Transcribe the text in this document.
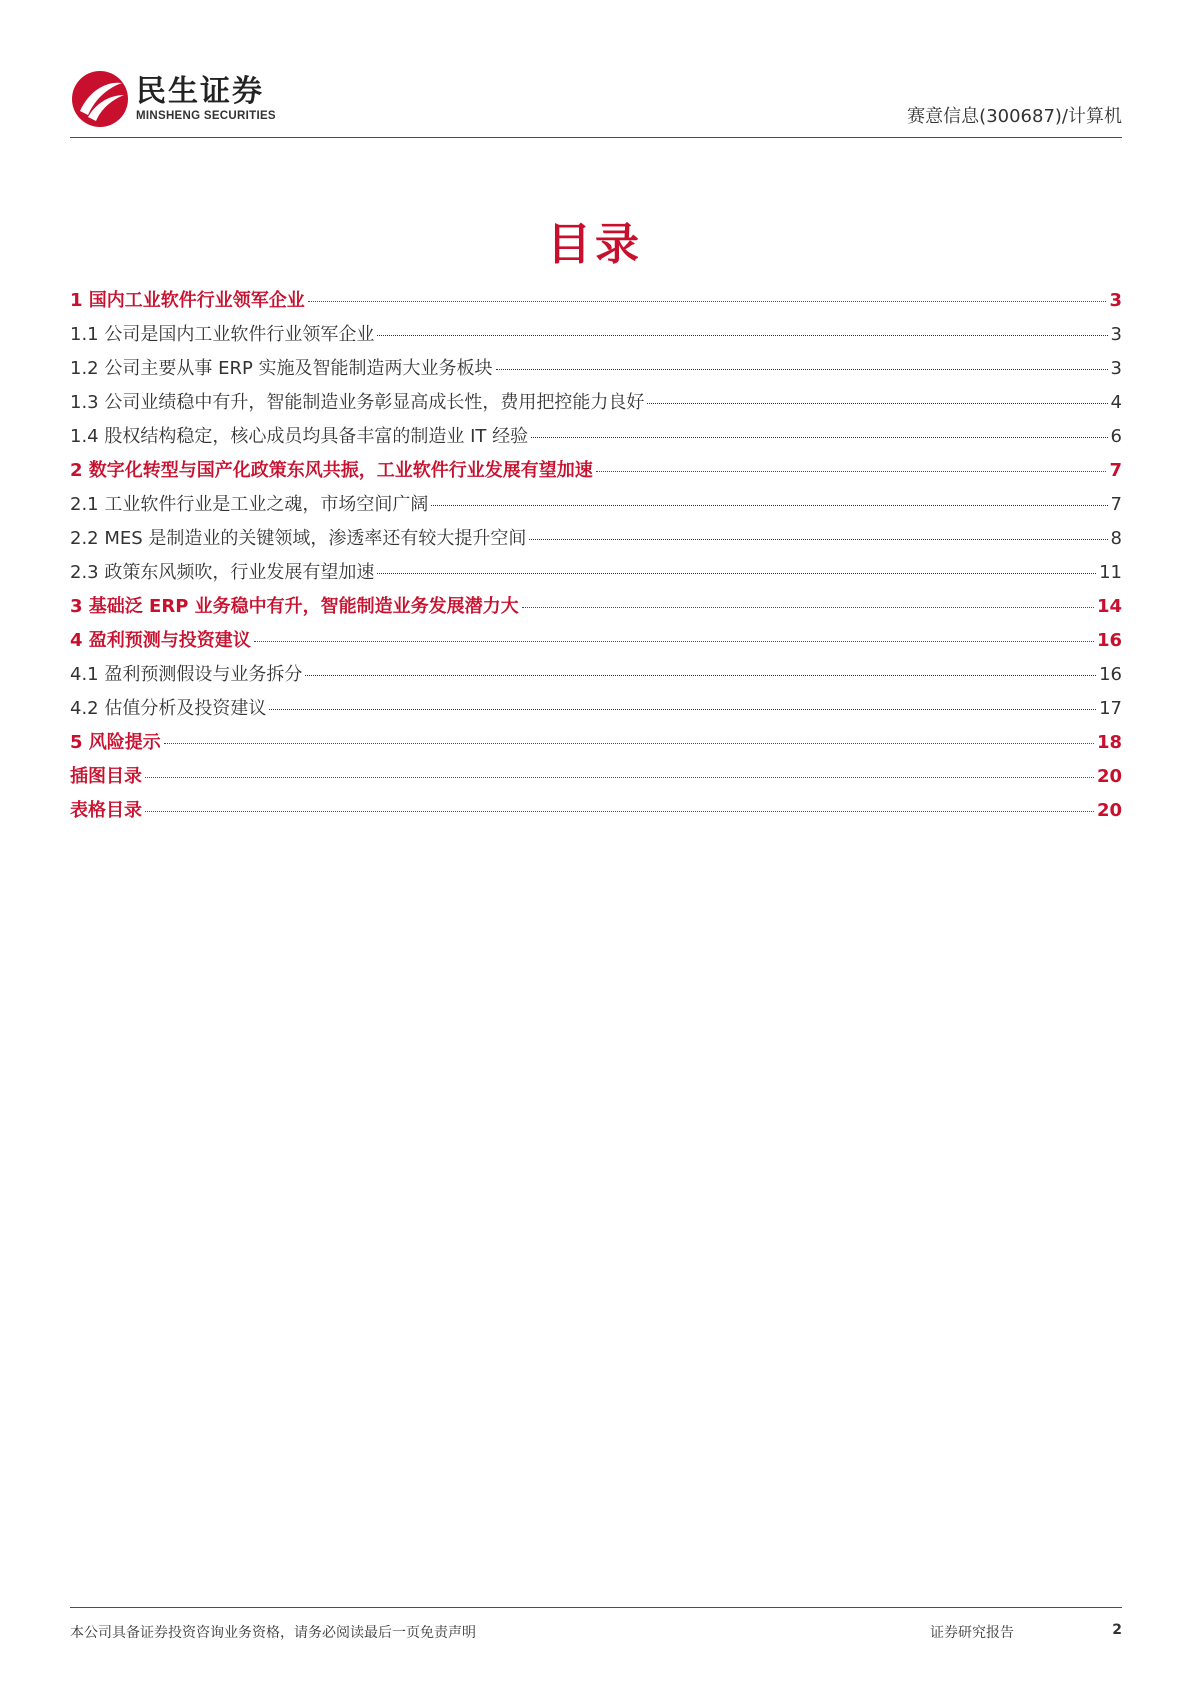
民生证券
MINSHENG SECURITIES	赛意信息(300687)/计算机
目录
1 国内工业软件行业领军企业	3
1.1 公司是国内工业软件行业领军企业	3
1.2 公司主要从事 ERP 实施及智能制造两大业务板块	3
1.3 公司业绩稳中有升，智能制造业务彰显高成长性，费用把控能力良好	4
1.4 股权结构稳定，核心成员均具备丰富的制造业 IT 经验	6
2 数字化转型与国产化政策东风共振，工业软件行业发展有望加速	7
2.1 工业软件行业是工业之魂，市场空间广阔	7
2.2 MES 是制造业的关键领域，渗透率还有较大提升空间	8
2.3 政策东风频吹，行业发展有望加速	11
3 基础泛 ERP 业务稳中有升，智能制造业务发展潜力大	14
4 盈利预测与投资建议	16
4.1 盈利预测假设与业务拆分	16
4.2 估值分析及投资建议	17
5 风险提示	18
插图目录	20
表格目录	20
本公司具备证券投资咨询业务资格，请务必阅读最后一页免责声明	证券研究报告	2
